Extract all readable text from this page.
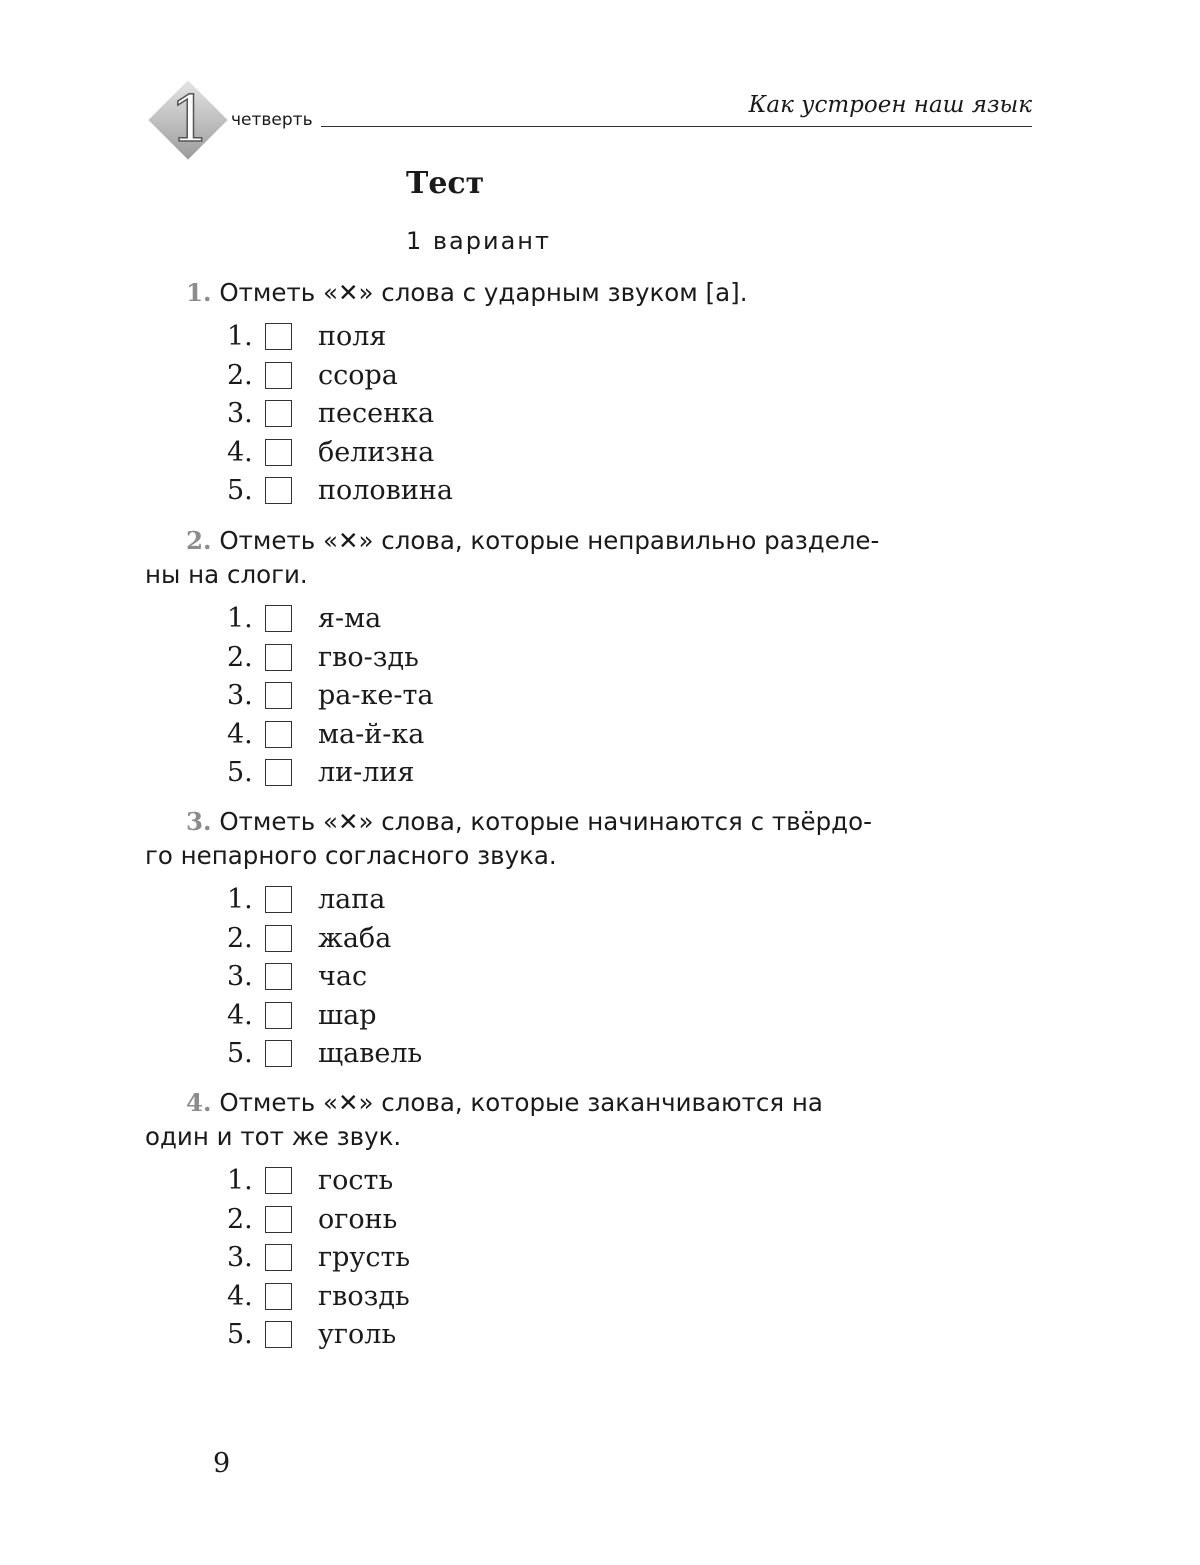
1 четверть
Как устроен наш язык
Тест
1 вариант
1. Отметь «✕» слова с ударным звуком [а].
1. поля
2. ссора
3. песенка
4. белизна
5. половина
2. Отметь «✕» слова, которые неправильно разделе-
ны на слоги.
1. я-ма
2. гво-здь
3. ра-ке-та
4. ма-й-ка
5. ли-лия
3. Отметь «✕» слова, которые начинаются с твёрдо-
го непарного согласного звука.
1. лапа
2. жаба
3. час
4. шар
5. щавель
4. Отметь «✕» слова, которые заканчиваются на
один и тот же звук.
1. гость
2. огонь
3. грусть
4. гвоздь
5. уголь
9
